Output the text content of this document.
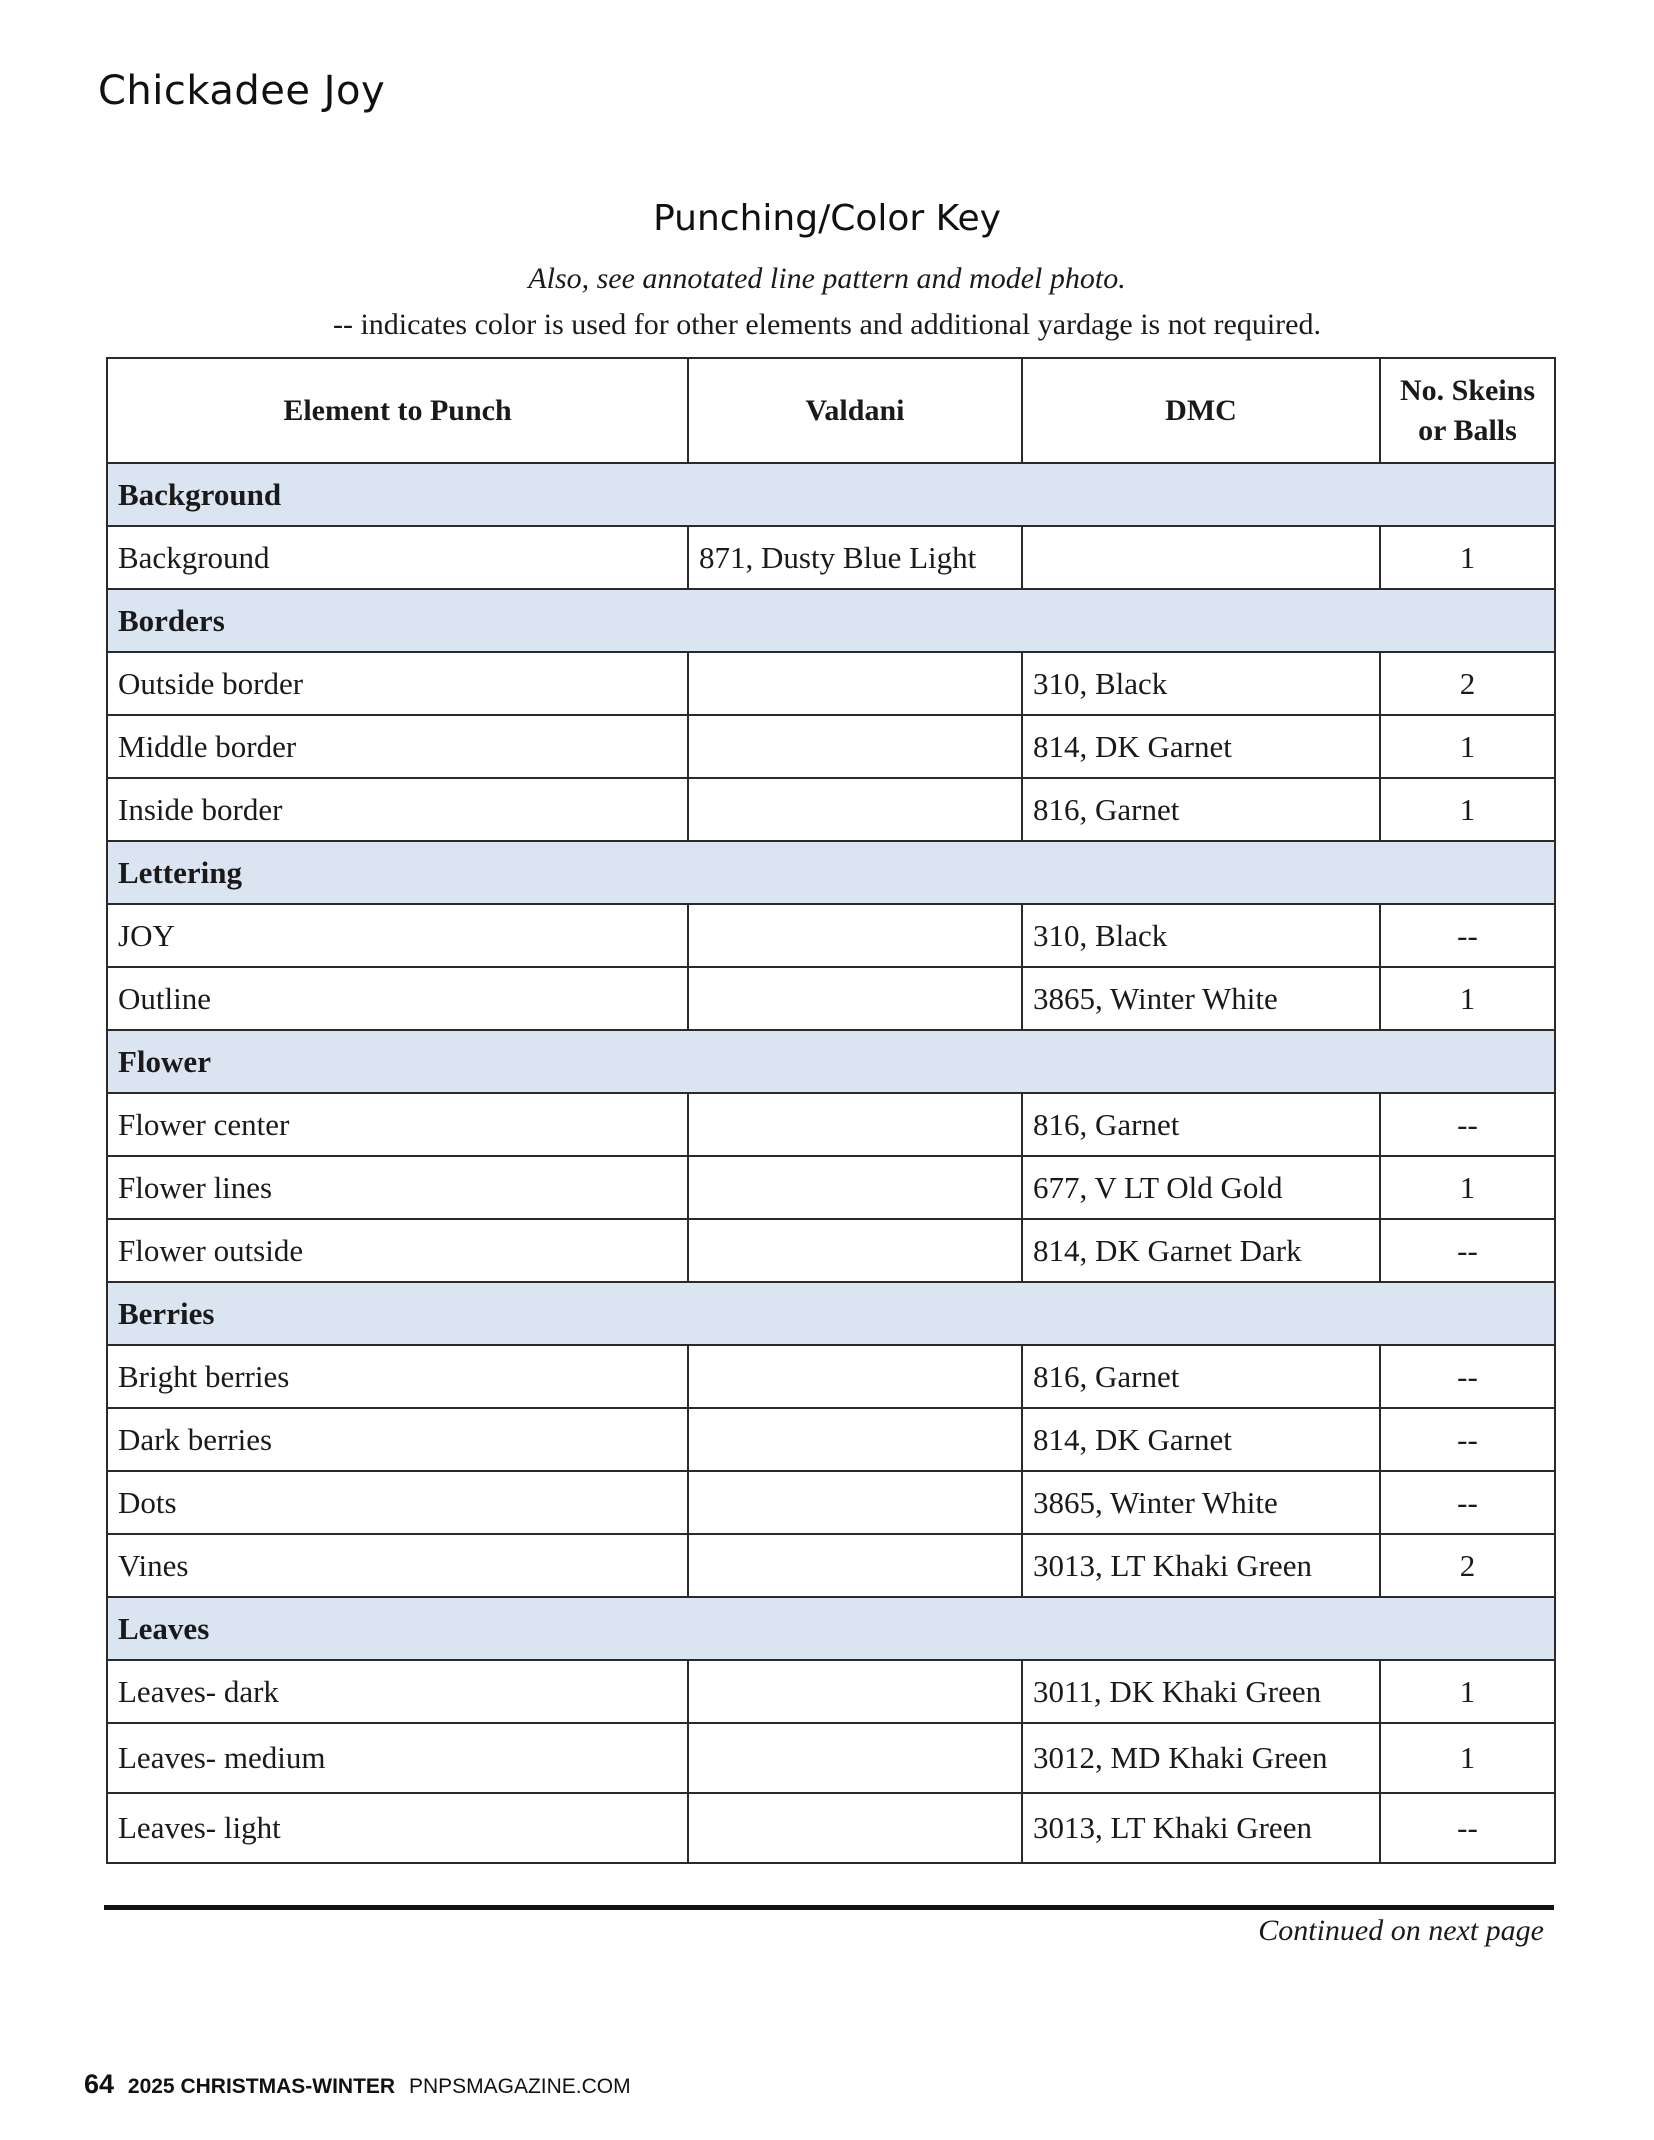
Chickadee Joy
Punching/Color Key
Also, see annotated line pattern and model photo.
-- indicates color is used for other elements and additional yardage is not required.
Element to Punch	Valdani	DMC	No. Skeins or Balls
Background			
Background	871, Dusty Blue Light		1
Borders			
Outside border		310, Black	2
Middle border		814, DK Garnet	1
Inside border		816, Garnet	1
Lettering			
JOY		310, Black	--
Outline		3865, Winter White	1
Flower			
Flower center		816, Garnet	--
Flower lines		677, V LT Old Gold	1
Flower outside		814, DK Garnet Dark	--
Berries			
Bright berries		816, Garnet	--
Dark berries		814, DK Garnet	--
Dots		3865, Winter White	--
Vines		3013, LT Khaki Green	2
Leaves			
Leaves- dark		3011, DK Khaki Green	1
Leaves- medium		3012, MD Khaki Green	1
Leaves- light		3013, LT Khaki Green	--
Continued on next page
64 2025 CHRISTMAS-WINTER PNPSMAGAZINE.COM
